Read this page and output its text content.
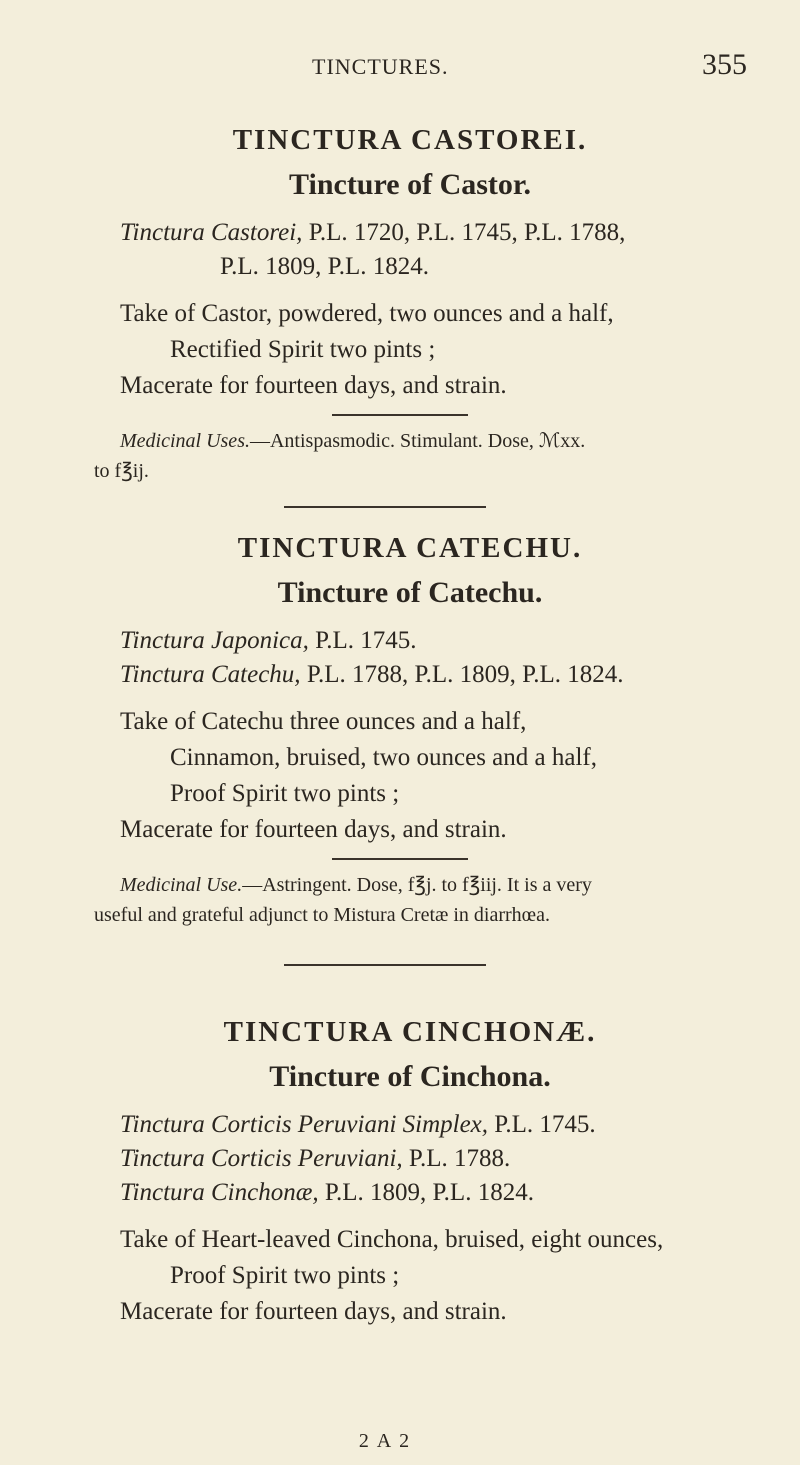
TINCTURES.	355
TINCTURA CASTOREI.
Tincture of Castor.
Tinctura Castorei, P.L. 1720, P.L. 1745, P.L. 1788,
P.L. 1809, P.L. 1824.
Take of Castor, powdered, two ounces and a half,
Rectified Spirit two pints ;
Macerate for fourteen days, and strain.
Medicinal Uses.—Antispasmodic. Stimulant. Dose, ℳxx.
to f℥ij.
TINCTURA CATECHU.
Tincture of Catechu.
Tinctura Japonica, P.L. 1745.
Tinctura Catechu, P.L. 1788, P.L. 1809, P.L. 1824.
Take of Catechu three ounces and a half,
Cinnamon, bruised, two ounces and a half,
Proof Spirit two pints ;
Macerate for fourteen days, and strain.
Medicinal Use.—Astringent. Dose, f℥j. to f℥iij. It is a very
useful and grateful adjunct to Mistura Cretæ in diarrhœa.
TINCTURA CINCHONÆ.
Tincture of Cinchona.
Tinctura Corticis Peruviani Simplex, P.L. 1745.
Tinctura Corticis Peruviani, P.L. 1788.
Tinctura Cinchonæ, P.L. 1809, P.L. 1824.
Take of Heart-leaved Cinchona, bruised, eight ounces,
Proof Spirit two pints ;
Macerate for fourteen days, and strain.
2 A 2
